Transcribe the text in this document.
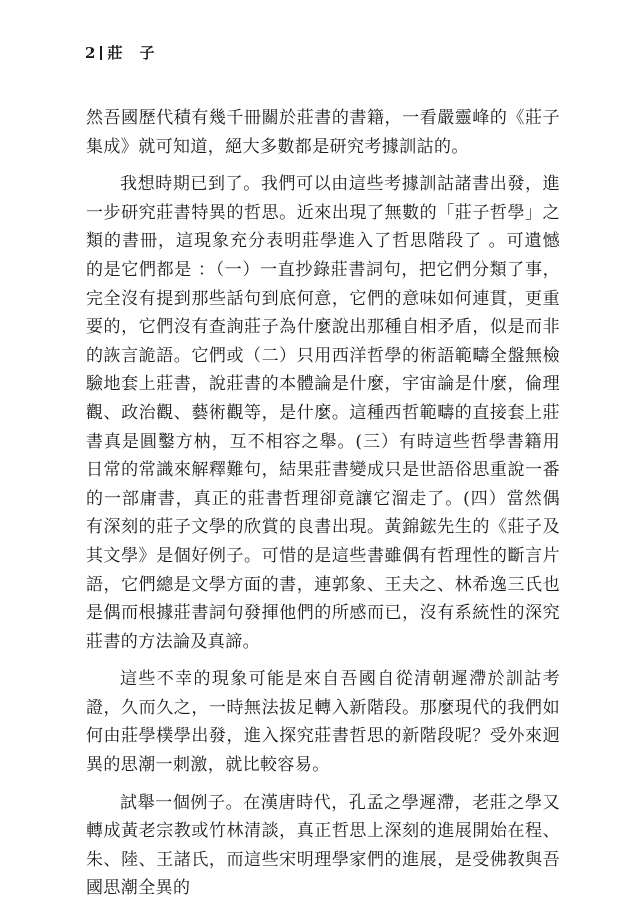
2 莊　子

然吾國歷代積有幾千冊關於莊書的書籍，一看嚴靈峰的《莊子集成》就可知道，絕大多數都是研究考據訓詁的。

我想時期已到了。我們可以由這些考據訓詁諸書出發，進一步研究莊書特異的哲思。近來出現了無數的「莊子哲學」之類的書冊，這現象充分表明莊學進入了哲思階段了 。可遺憾的是它們都是 ：（一）一直抄錄莊書詞句，把它們分類了事，完全沒有提到那些話句到底何意，它們的意味如何連貫，更重要的，它們沒有查詢莊子為什麼說出那種自相矛盾，似是而非的詼言詭語。它們或（二）只用西洋哲學的術語範疇全盤無檢驗地套上莊書，說莊書的本體論是什麼，宇宙論是什麼，倫理觀、政治觀、藝術觀等，是什麼。這種西哲範疇的直接套上莊書真是圓鑿方枘，互不相容之舉。(三）有時這些哲學書籍用日常的常識來解釋難句，結果莊書變成只是世語俗思重說一番的一部庸書，真正的莊書哲理卻竟讓它溜走了。(四）當然偶有深刻的莊子文學的欣賞的良書出現。黃錦鋐先生的《莊子及其文學》是個好例子。可惜的是這些書雖偶有哲理性的斷言片語，它們總是文學方面的書，連郭象、王夫之、林希逸三氏也是偶而根據莊書詞句發揮他們的所感而已，沒有系統性的深究莊書的方法論及真諦。

這些不幸的現象可能是來自吾國自從清朝遲滯於訓詁考證，久而久之，一時無法拔足轉入新階段。那麼現代的我們如何由莊學樸學出發，進入探究莊書哲思的新階段呢？受外來迥異的思潮一刺激，就比較容易。

試舉一個例子。在漢唐時代，孔孟之學遲滯，老莊之學又轉成黃老宗教或竹林清談，真正哲思上深刻的進展開始在程、朱、陸、王諸氏，而這些宋明理學家們的進展，是受佛教與吾國思潮全異的
